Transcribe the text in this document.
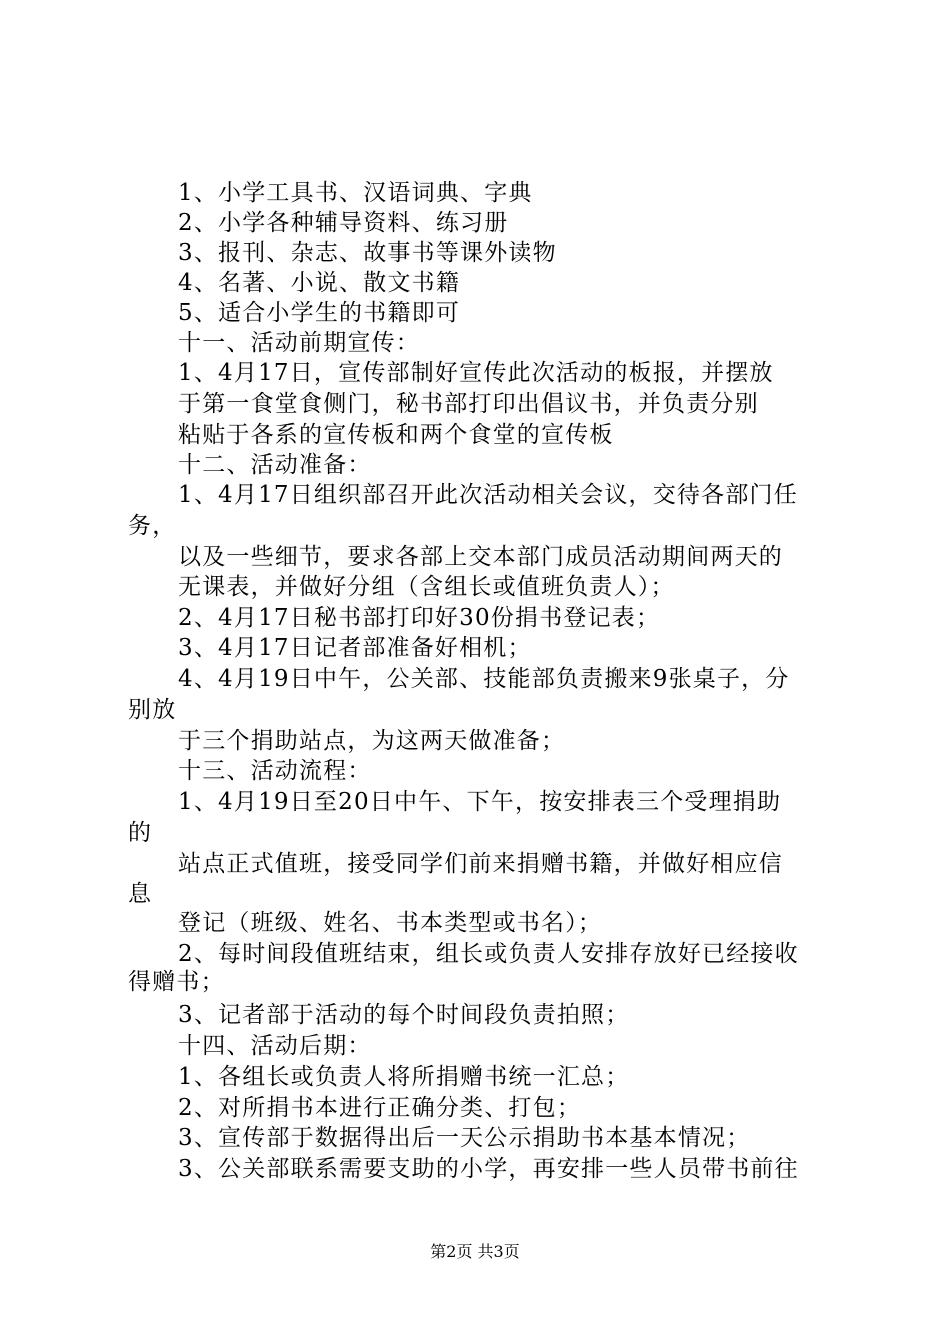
1、小学工具书、汉语词典、字典
2、小学各种辅导资料、练习册
3、报刊、杂志、故事书等课外读物
4、名著、小说、散文书籍
5、适合小学生的书籍即可
十一、活动前期宣传：
1、4月17日，宣传部制好宣传此次活动的板报，并摆放
于第一食堂食侧门，秘书部打印出倡议书，并负责分别
粘贴于各系的宣传板和两个食堂的宣传板
十二、活动准备：
1、4月17日组织部召开此次活动相关会议，交待各部门任
务，
以及一些细节，要求各部上交本部门成员活动期间两天的
无课表，并做好分组（含组长或值班负责人）；
2、4月17日秘书部打印好30份捐书登记表；
3、4月17日记者部准备好相机；
4、4月19日中午，公关部、技能部负责搬来9张桌子，分
别放
于三个捐助站点，为这两天做准备；
十三、活动流程：
1、4月19日至20日中午、下午，按安排表三个受理捐助
的
站点正式值班，接受同学们前来捐赠书籍，并做好相应信
息
登记（班级、姓名、书本类型或书名）；
2、每时间段值班结束，组长或负责人安排存放好已经接收
得赠书；
3、记者部于活动的每个时间段负责拍照；
十四、活动后期：
1、各组长或负责人将所捐赠书统一汇总；
2、对所捐书本进行正确分类、打包；
3、宣传部于数据得出后一天公示捐助书本基本情况；
3、公关部联系需要支助的小学，再安排一些人员带书前往
第2页 共3页
